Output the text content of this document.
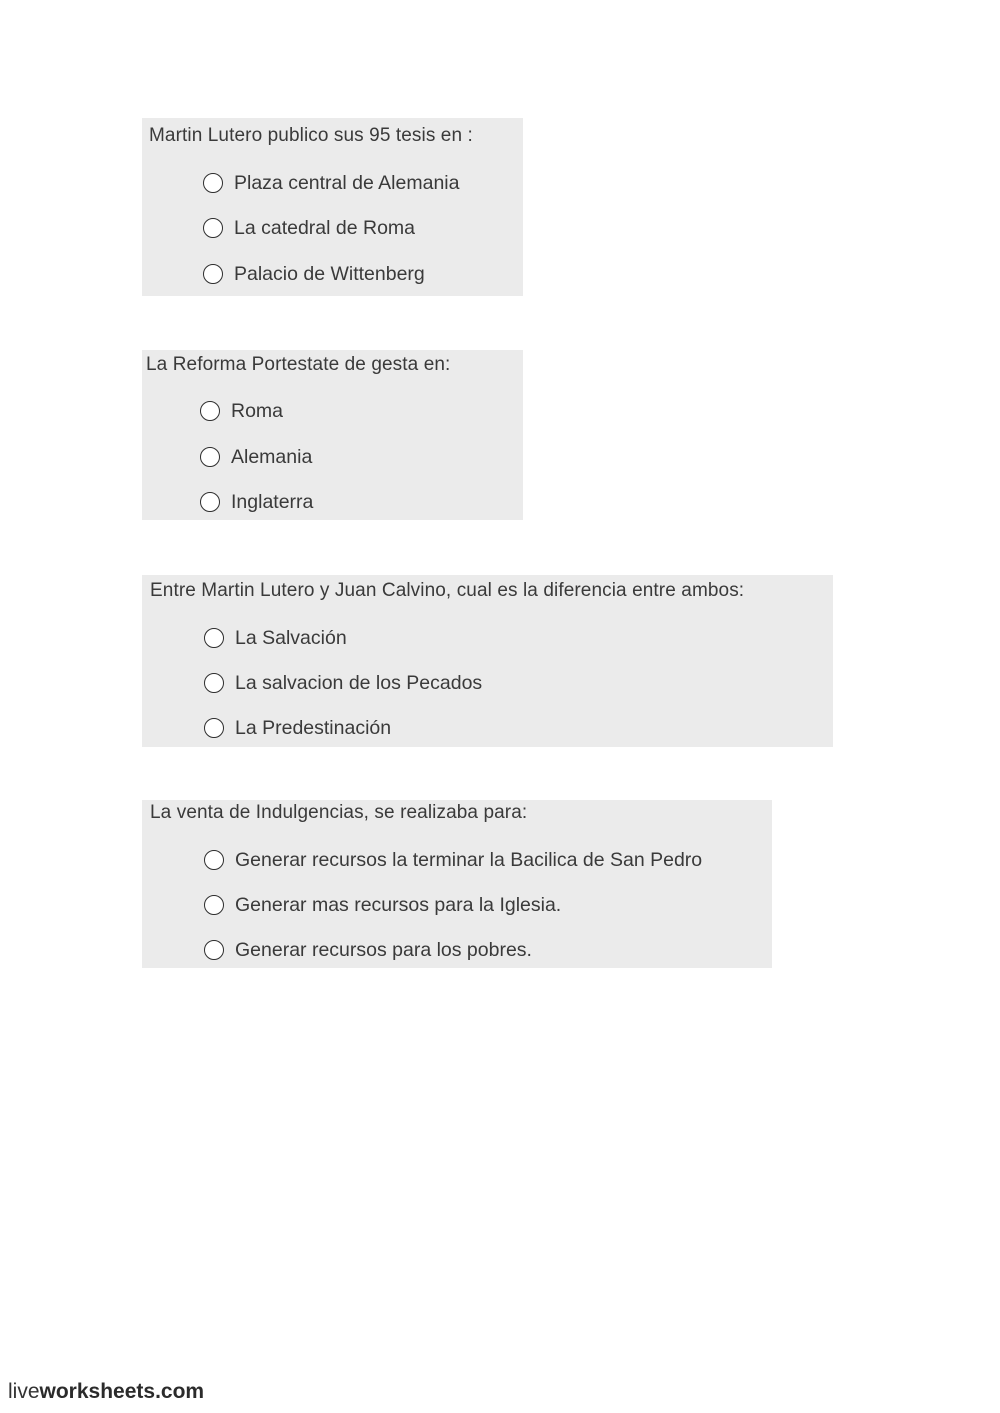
Martin Lutero publico sus 95 tesis en :
Plaza central de Alemania
La catedral de Roma
Palacio de Wittenberg
La Reforma Portestate de gesta en:
Roma
Alemania
Inglaterra
Entre Martin Lutero y Juan Calvino, cual es la diferencia entre ambos:
La Salvación
La salvacion de los Pecados
La Predestinación
La venta de Indulgencias, se realizaba para:
Generar recursos la terminar la Bacilica de San Pedro
Generar mas recursos para la Iglesia.
Generar recursos para los pobres.
liveworksheets.com
